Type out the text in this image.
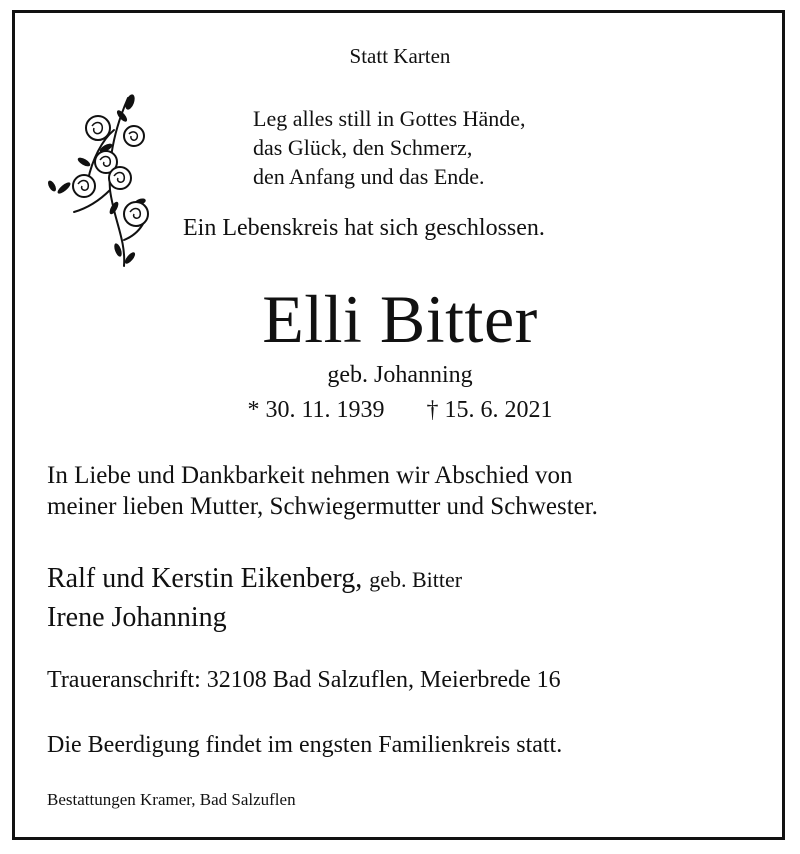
Statt Karten
Leg alles still in Gottes Hände,
das Glück, den Schmerz,
den Anfang und das Ende.
Ein Lebenskreis hat sich geschlossen.
Elli Bitter
geb. Johanning
* 30. 11. 1939 † 15. 6. 2021
In Liebe und Dankbarkeit nehmen wir Abschied von
meiner lieben Mutter, Schwiegermutter und Schwester.
Ralf und Kerstin Eikenberg, geb. Bitter
Irene Johanning
Traueranschrift: 32108 Bad Salzuflen, Meierbrede 16
Die Beerdigung findet im engsten Familienkreis statt.
Bestattungen Kramer, Bad Salzuflen
